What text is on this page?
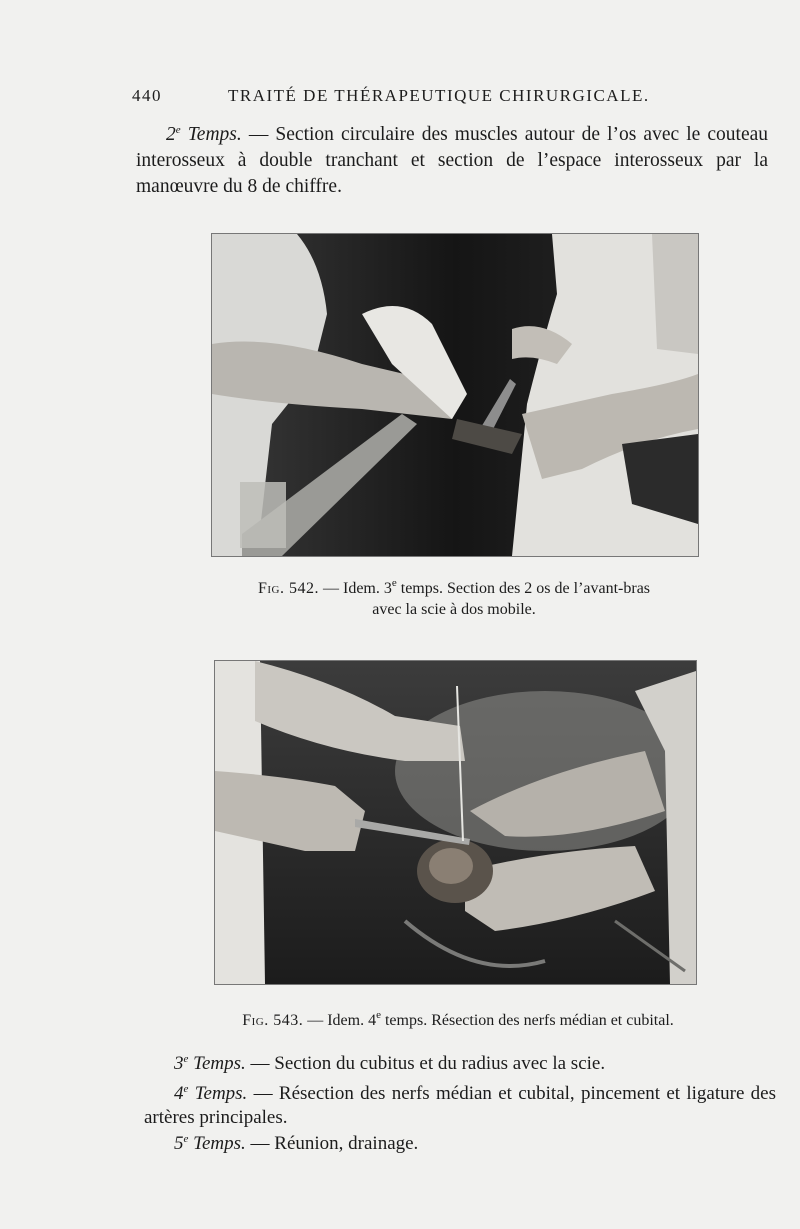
440	TRAITÉ DE THÉRAPEUTIQUE CHIRURGICALE.
2e Temps. — Section circulaire des muscles autour de l’os avec le couteau interosseux à double tranchant et section de l’espace interosseux par la manœuvre du 8 de chiffre.
Fig. 542. — Idem. 3e temps. Section des 2 os de l’avant-bras
avec la scie à dos mobile.
Fig. 543. — Idem. 4e temps. Résection des nerfs médian et cubital.
3e Temps. — Section du cubitus et du radius avec la scie.
4e Temps. — Résection des nerfs médian et cubital, pincement et ligature des artères principales.
5e Temps. — Réunion, drainage.
